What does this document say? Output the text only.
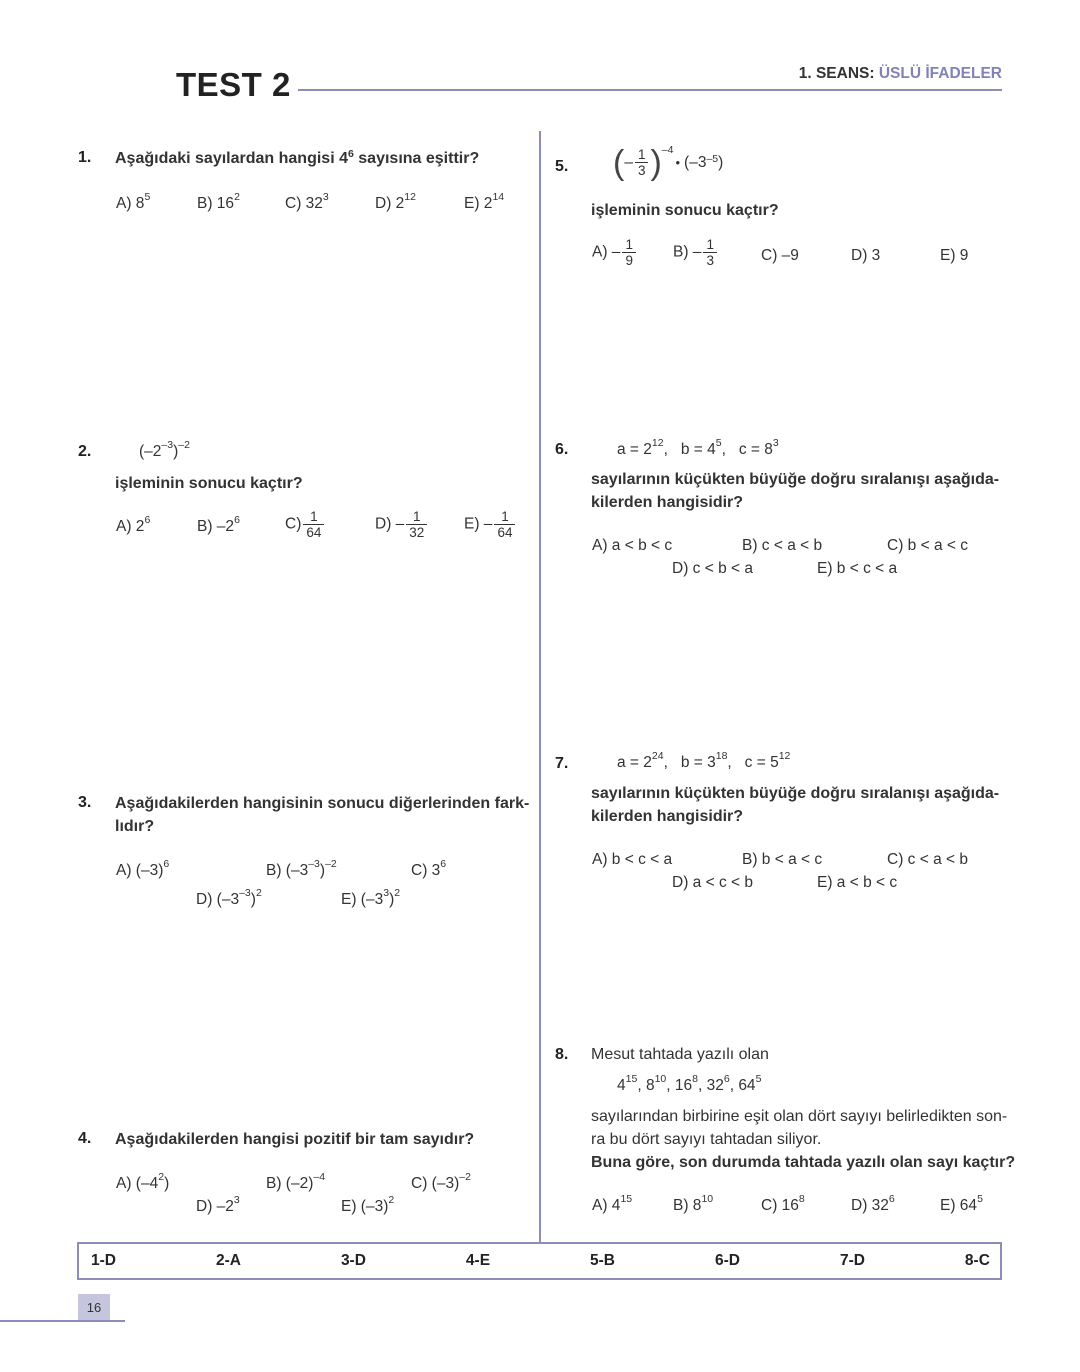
TEST 2	1. SEANS: ÜSLÜ İFADELER
1. Aşağıdaki sayılardan hangisi $4^6$ sayısına eşittir?
A) $8^5$	B) $16^2$	C) $32^3$	D) $2^{12}$	E) $2^{14}$
2.	$(-2^{-3})^{-2}$
işleminin sonucu kaçtır?
A) $2^6$	B) $-2^6$	$C) \frac{1}{64}$	$D) - \frac{1}{32} E) - \frac{1}{64}$
3. Aşağıdakilerden hangisinin sonucu diğerlerinden fark-
lıdır?
A) $(-3)^6$	B) $(-3^{-3})^{-2}$	C) $3^6$
D) $(-3^{-3})^2$	E) $(-3^3)^2$
4. Aşağıdakilerden hangisi pozitif bir tam sayıdır?
A) $(-4^2)$	B) $(-2)^{-4}$	C) $(-3)^{-2}$
D) $-2^3$	E) $(-3)^2$
5. ( – $\frac{1}{3} )^{-4}$
• ($-3^{-5}$ )
işleminin sonucu kaçtır?
$A) - \frac{1}{9} B) - \frac{1}{3}$	C) –9	D) 3	E) 9
6.	$a = 2^{12}$,   $b = 4^5$,   $c = 8^3$
sayılarının küçükten büyüğe doğru sıralanışı aşağıda-
kilerden hangisidir?
A) a < b < c	B) c < a < b	C) b < a < c
D) c < b < a	E) b < c < a
7.	$a = 2^{24}$,   $b = 3^{18}$,   $c = 5^{12}$
sayılarının küçükten büyüğe doğru sıralanışı aşağıda-
kilerden hangisidir?
A) b < c < a	B) b < a < c	C) c < a < b
D) a < c < b	E) a < b < c
8. Mesut tahtada yazılı olan
$4^{15}$, $8^{10}$, $16^8$, $32^6$, $64^5$
sayılarından birbirine eşit olan dört sayıyı belirledikten son-
ra bu dört sayıyı tahtadan siliyor.
Buna göre, son durumda tahtada yazılı olan sayı kaçtır?
A) $4^{15}$	B) $8^{10}$	C) $16^8$	D) $32^6$	E) $64^5$
1-D	2-A	3-D	4-E	5-B	6-D	7-D	8-C
16
